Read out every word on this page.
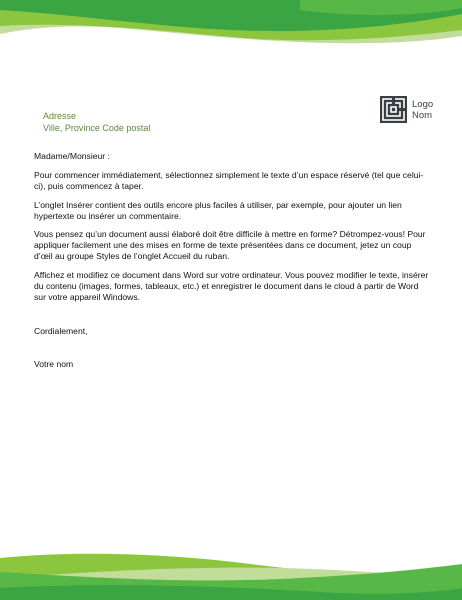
Adresse
Ville, Province Code postal
Logo
Nom

Madame/Monsieur :

Pour commencer immédiatement, sélectionnez simplement le texte d’un espace réservé (tel que celui-ci), puis commencez à taper.

L’onglet Insérer contient des outils encore plus faciles à utiliser, par exemple, pour ajouter un lien hypertexte ou insérer un commentaire.

Vous pensez qu’un document aussi élaboré doit être difficile à mettre en forme? Détrompez-vous! Pour appliquer facilement une des mises en forme de texte présentées dans ce document, jetez un coup d’œil au groupe Styles de l’onglet Accueil du ruban.

Affichez et modifiez ce document dans Word sur votre ordinateur. Vous pouvez modifier le texte, insérer du contenu (images, formes, tableaux, etc.) et enregistrer le document dans le cloud à partir de Word sur votre appareil Windows.

Cordialement,

Votre nom
